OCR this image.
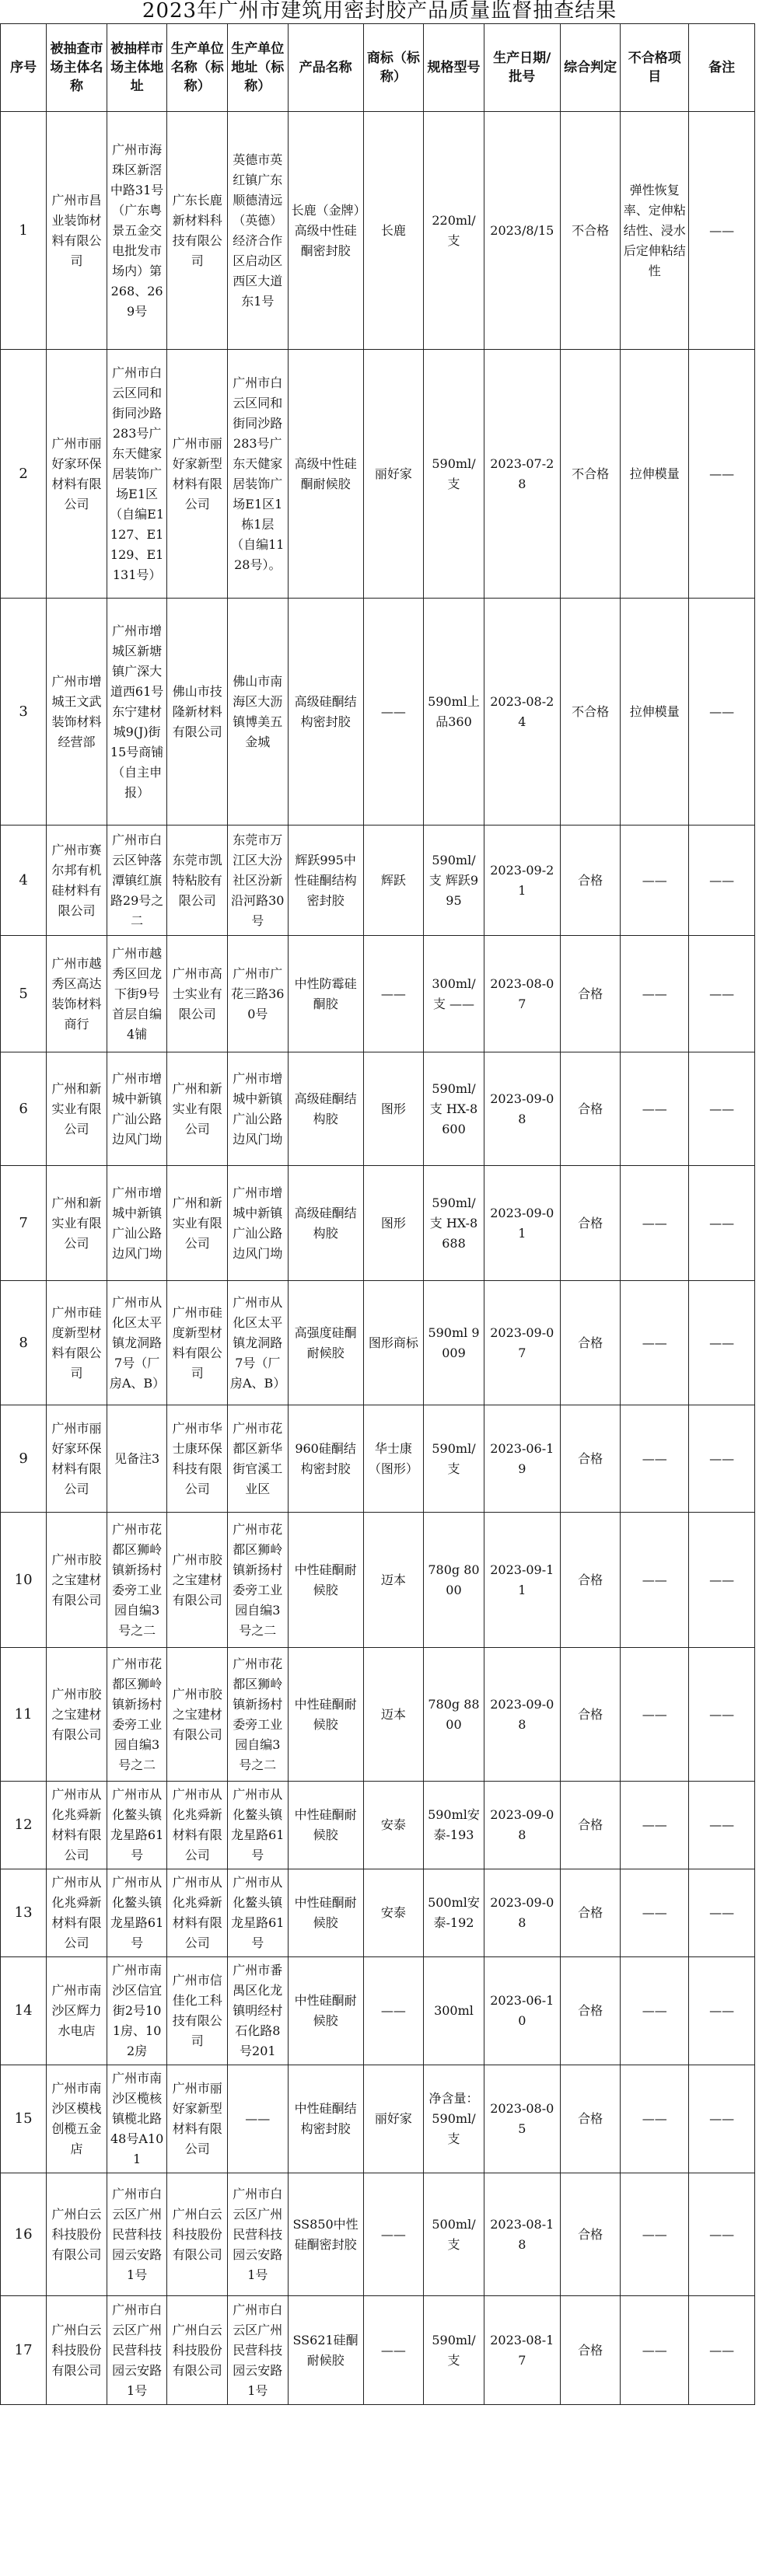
2023年广州市建筑用密封胶产品质量监督抽查结果
序号	被抽查市场主体名称	被抽样市场主体地址	生产单位名称（标称）	生产单位地址（标称）	产品名称	商标（标称）	规格型号	生产日期/批号	综合判定	不合格项目	备注
1	广州市昌业装饰材料有限公司	广州市海珠区新滘中路31号（广东粤景五金交电批发市场内）第268、269号	广东长鹿新材料科技有限公司	英德市英红镇广东顺德清远（英德）经济合作区启动区西区大道东1号	长鹿（金牌）高级中性硅酮密封胶	长鹿	220ml/支	2023/8/15	不合格	弹性恢复率、定伸粘结性、浸水后定伸粘结性	——
2	广州市丽好家环保材料有限公司	广州市白云区同和街同沙路283号广东天健家居装饰广场E1区（自编E1127、E1129、E1131号）	广州市丽好家新型材料有限公司	广州市白云区同和街同沙路283号广东天健家居装饰广场E1区1栋1层（自编1128号）。	高级中性硅酮耐候胶	丽好家	590ml/支	2023-07-28	不合格	拉伸模量	——
3	广州市增城王文武装饰材料经营部	广州市增城区新塘镇广深大道西61号东宁建材城9(J)街15号商铺（自主申报）	佛山市技隆新材料有限公司	佛山市南海区大沥镇博美五金城	高级硅酮结构密封胶	——	590ml上品360	2023-08-24	不合格	拉伸模量	——
4	广州市赛尔邦有机硅材料有限公司	广州市白云区钟落潭镇红旗路29号之二	东莞市凯特粘胶有限公司	东莞市万江区大汾社区汾新沿河路30号	辉跃995中性硅酮结构密封胶	辉跃	590ml/支 辉跃995	2023-09-21	合格	——	——
5	广州市越秀区高达装饰材料商行	广州市越秀区回龙下街9号首层自编4铺	广州市高士实业有限公司	广州市广花三路360号	中性防霉硅酮胶	——	300ml/支 ——	2023-08-07	合格	——	——
6	广州和新实业有限公司	广州市增城中新镇广汕公路边风门坳	广州和新实业有限公司	广州市增城中新镇广汕公路边风门坳	高级硅酮结构胶	图形	590ml/支 HX-8600	2023-09-08	合格	——	——
7	广州和新实业有限公司	广州市增城中新镇广汕公路边风门坳	广州和新实业有限公司	广州市增城中新镇广汕公路边风门坳	高级硅酮结构胶	图形	590ml/支 HX-8688	2023-09-01	合格	——	——
8	广州市硅度新型材料有限公司	广州市从化区太平镇龙洞路7号（厂房A、B）	广州市硅度新型材料有限公司	广州市从化区太平镇龙洞路7号（厂房A、B）	高强度硅酮耐候胶	图形商标	590ml 9009	2023-09-07	合格	——	——
9	广州市丽好家环保材料有限公司	见备注3	广州市华士康环保科技有限公司	广州市花都区新华街官溪工业区	960硅酮结构密封胶	华士康（图形）	590ml/支	2023-06-19	合格	——	——
10	广州市胶之宝建材有限公司	广州市花都区狮岭镇新扬村委旁工业园自编3号之二	广州市胶之宝建材有限公司	广州市花都区狮岭镇新扬村委旁工业园自编3号之二	中性硅酮耐候胶	迈本	780g 8000	2023-09-11	合格	——	——
11	广州市胶之宝建材有限公司	广州市花都区狮岭镇新扬村委旁工业园自编3号之二	广州市胶之宝建材有限公司	广州市花都区狮岭镇新扬村委旁工业园自编3号之二	中性硅酮耐候胶	迈本	780g 8800	2023-09-08	合格	——	——
12	广州市从化兆舜新材料有限公司	广州市从化鳌头镇龙星路61号	广州市从化兆舜新材料有限公司	广州市从化鳌头镇龙星路61号	中性硅酮耐候胶	安泰	590ml安泰-193	2023-09-08	合格	——	——
13	广州市从化兆舜新材料有限公司	广州市从化鳌头镇龙星路61号	广州市从化兆舜新材料有限公司	广州市从化鳌头镇龙星路61号	中性硅酮耐候胶	安泰	500ml安泰-192	2023-09-08	合格	——	——
14	广州市南沙区辉力水电店	广州市南沙区信宜街2号101房、102房	广州市信佳化工科技有限公司	广州市番禺区化龙镇明经村石化路8号201	中性硅酮耐候胶	——	300ml	2023-06-10	合格	——	——
15	广州市南沙区模栈创榄五金店	广州市南沙区榄核镇榄北路48号A101	广州市丽好家新型材料有限公司	——	中性硅酮结构密封胶	丽好家	净含量：590ml/支	2023-08-05	合格	——	——
16	广州白云科技股份有限公司	广州市白云区广州民营科技园云安路1号	广州白云科技股份有限公司	广州市白云区广州民营科技园云安路1号	SS850中性硅酮密封胶	——	500ml/支	2023-08-18	合格	——	——
17	广州白云科技股份有限公司	广州市白云区广州民营科技园云安路1号	广州白云科技股份有限公司	广州市白云区广州民营科技园云安路1号	SS621硅酮耐候胶	——	590ml/支	2023-08-17	合格	——	——
